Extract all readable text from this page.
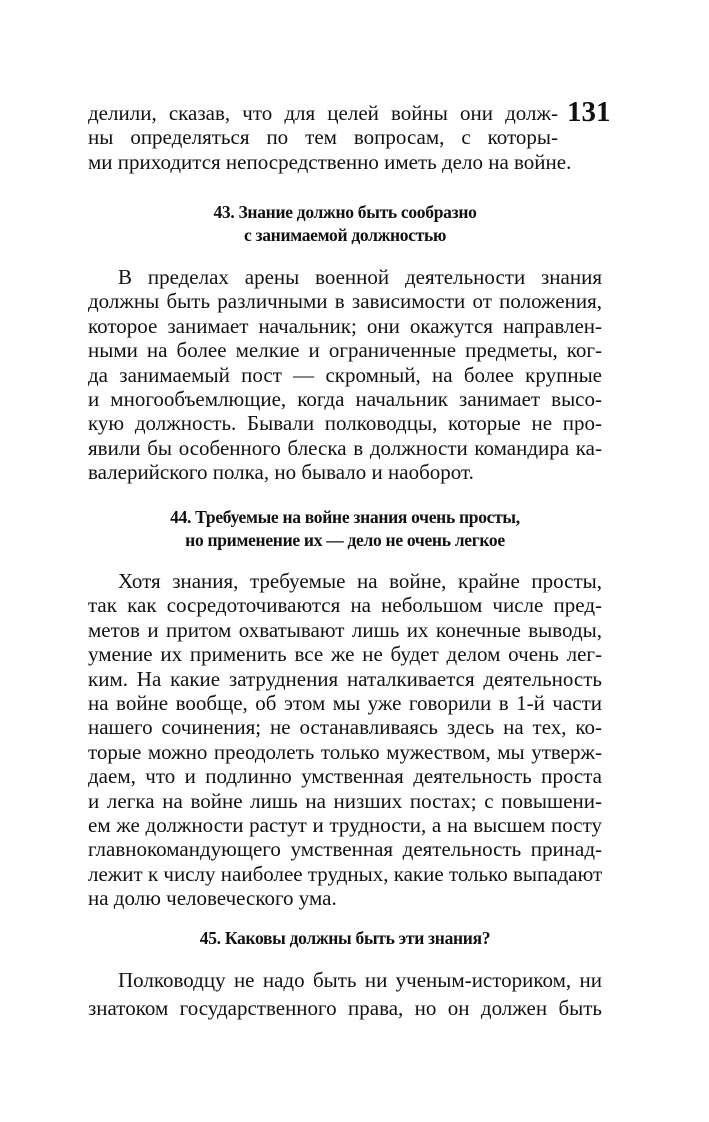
131
делили, сказав, что для целей войны они долж-
ны определяться по тем вопросам, с которы-
ми приходится непосредственно иметь дело на войне.
43. Знание должно быть сообразно
с занимаемой должностью
В пределах арены военной деятельности знания
должны быть различными в зависимости от положения,
которое занимает начальник; они окажутся направлен-
ными на более мелкие и ограниченные предметы, ког-
да занимаемый пост — скромный, на более крупные
и многообъемлющие, когда начальник занимает высо-
кую должность. Бывали полководцы, которые не про-
явили бы особенного блеска в должности командира ка-
валерийского полка, но бывало и наоборот.
44. Требуемые на войне знания очень просты,
но применение их — дело не очень легкое
Хотя знания, требуемые на войне, крайне просты,
так как сосредоточиваются на небольшом числе пред-
метов и притом охватывают лишь их конечные выводы,
умение их применить все же не будет делом очень лег-
ким. На какие затруднения наталкивается деятельность
на войне вообще, об этом мы уже говорили в 1-й части
нашего сочинения; не останавливаясь здесь на тех, ко-
торые можно преодолеть только мужеством, мы утверж-
даем, что и подлинно умственная деятельность проста
и легка на войне лишь на низших постах; с повышени-
ем же должности растут и трудности, а на высшем посту
главнокомандующего умственная деятельность принад-
лежит к числу наиболее трудных, какие только выпадают
на долю человеческого ума.
45. Каковы должны быть эти знания?
Полководцу не надо быть ни ученым-историком, ни
знатоком государственного права, но он должен быть
